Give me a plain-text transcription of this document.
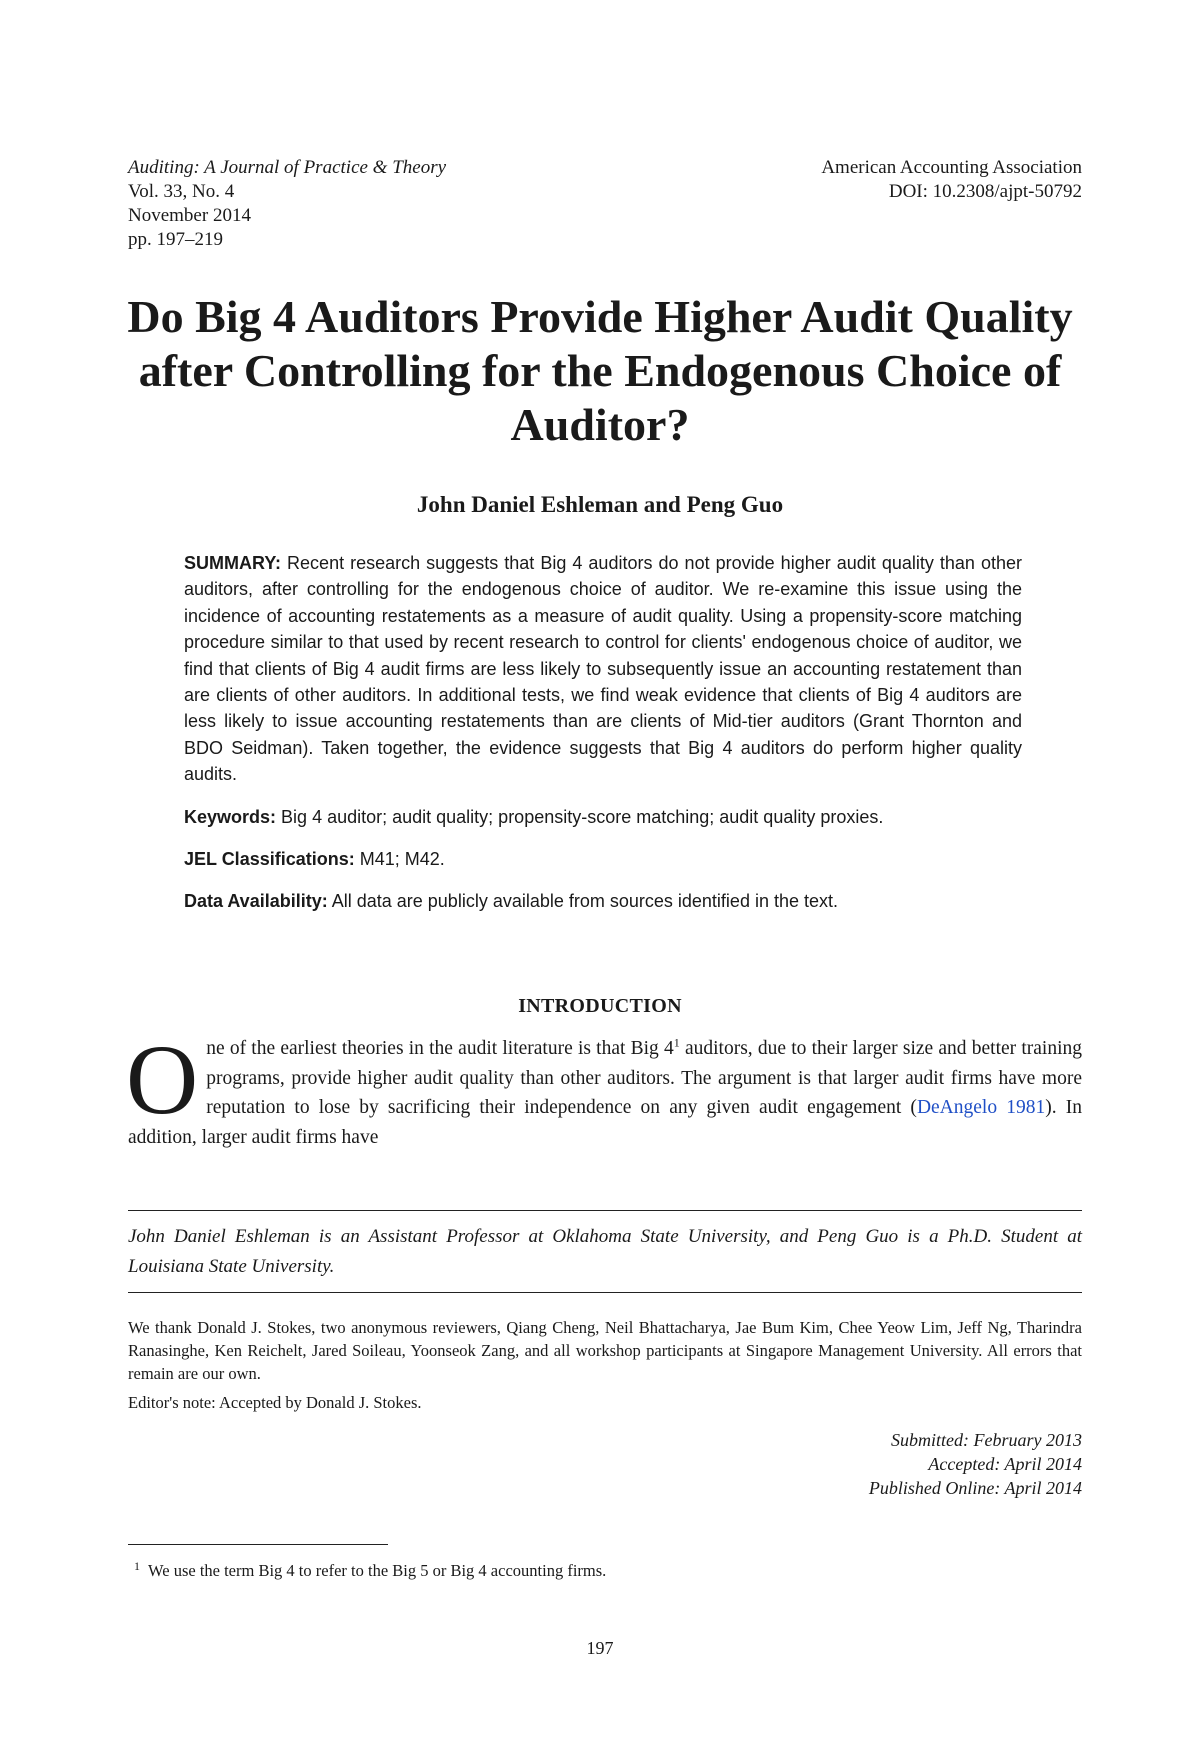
Auditing: A Journal of Practice & Theory
Vol. 33, No. 4
November 2014
pp. 197–219
American Accounting Association
DOI: 10.2308/ajpt-50792
Do Big 4 Auditors Provide Higher Audit Quality after Controlling for the Endogenous Choice of Auditor?
John Daniel Eshleman and Peng Guo

SUMMARY: Recent research suggests that Big 4 auditors do not provide higher audit quality than other auditors, after controlling for the endogenous choice of auditor. We re-examine this issue using the incidence of accounting restatements as a measure of audit quality. Using a propensity-score matching procedure similar to that used by recent research to control for clients' endogenous choice of auditor, we find that clients of Big 4 audit firms are less likely to subsequently issue an accounting restatement than are clients of other auditors. In additional tests, we find weak evidence that clients of Big 4 auditors are less likely to issue accounting restatements than are clients of Mid-tier auditors (Grant Thornton and BDO Seidman). Taken together, the evidence suggests that Big 4 auditors do perform higher quality audits.

Keywords: Big 4 auditor; audit quality; propensity-score matching; audit quality proxies.

JEL Classifications: M41; M42.

Data Availability: All data are publicly available from sources identified in the text.

INTRODUCTION

One of the earliest theories in the audit literature is that Big $4^1$ auditors, due to their larger size and better training programs, provide higher audit quality than other auditors. The argument is that larger audit firms have more reputation to lose by sacrificing their independence on any given audit engagement (DeAngelo 1981). In addition, larger audit firms have

John Daniel Eshleman is an Assistant Professor at Oklahoma State University, and Peng Guo is a Ph.D. Student at Louisiana State University.

We thank Donald J. Stokes, two anonymous reviewers, Qiang Cheng, Neil Bhattacharya, Jae Bum Kim, Chee Yeow Lim, Jeff Ng, Tharindra Ranasinghe, Ken Reichelt, Jared Soileau, Yoonseok Zang, and all workshop participants at Singapore Management University. All errors that remain are our own.

Editor's note: Accepted by Donald J. Stokes.

Submitted: February 2013
Accepted: April 2014
Published Online: April 2014

$^1$ We use the term Big 4 to refer to the Big 5 or Big 4 accounting firms.

197
